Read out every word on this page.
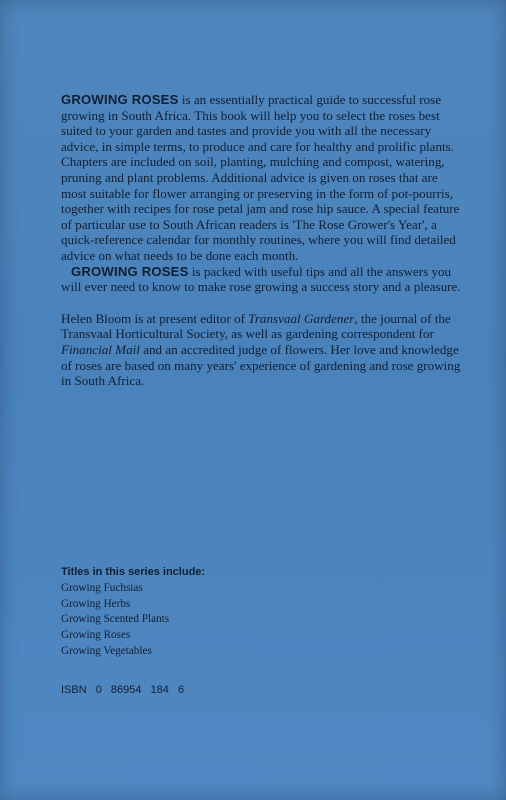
GROWING ROSES is an essentially practical guide to successful rose growing in South Africa. This book will help you to select the roses best suited to your garden and tastes and provide you with all the necessary advice, in simple terms, to produce and care for healthy and prolific plants. Chapters are included on soil, planting, mulching and compost, watering, pruning and plant problems. Additional advice is given on roses that are most suitable for flower arranging or preserving in the form of pot-pourris, together with recipes for rose petal jam and rose hip sauce. A special feature of particular use to South African readers is 'The Rose Grower's Year', a quick-reference calendar for monthly routines, where you will find detailed advice on what needs to be done each month.

GROWING ROSES is packed with useful tips and all the answers you will ever need to know to make rose growing a success story and a pleasure.

Helen Bloom is at present editor of Transvaal Gardener, the journal of the Transvaal Horticultural Society, as well as gardening correspondent for Financial Mail and an accredited judge of flowers. Her love and knowledge of roses are based on many years' experience of gardening and rose growing in South Africa.

Titles in this series include:
Growing Fuchsias
Growing Herbs
Growing Scented Plants
Growing Roses
Growing Vegetables
ISBN 0 86954 184 6
